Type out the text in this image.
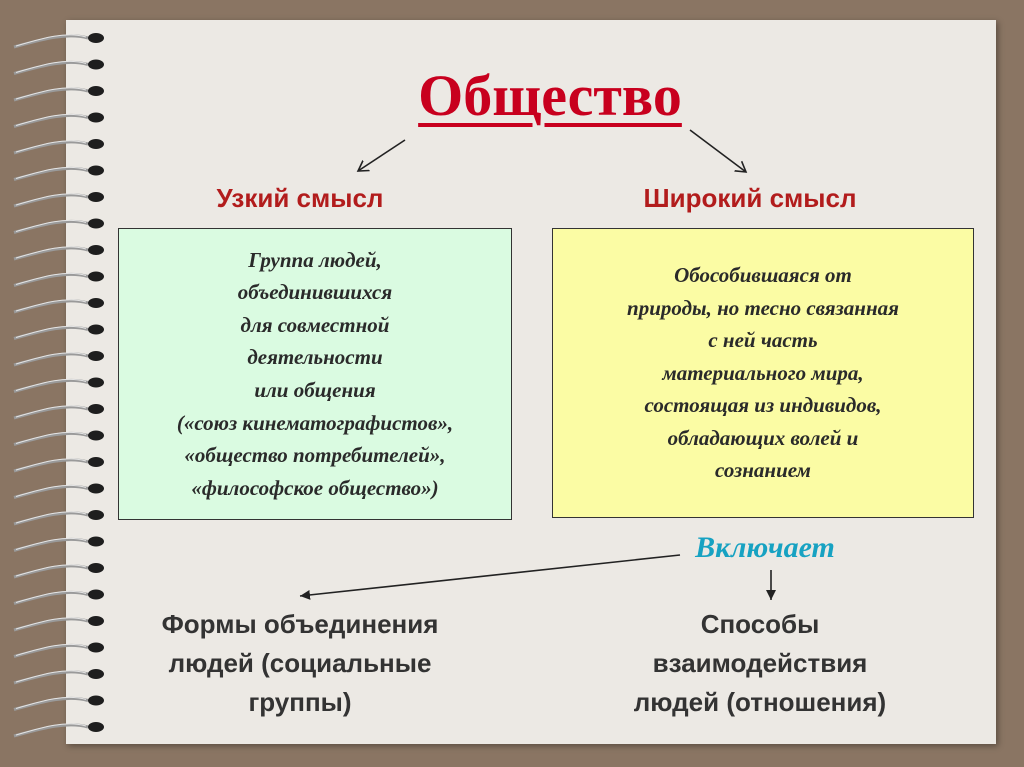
Общество
Узкий смысл	Широкий смысл
Группа людей,
объединившихся
для совместной
деятельности
или общения
(«союз кинематографистов»,
«общество потребителей»,
«философское общество»)
Обособившаяся от
природы, но тесно связанная
с ней часть
материального мира,
состоящая из индивидов,
обладающих волей и
сознанием
Включает
Формы объединения
людей (социальные
группы)
Способы
взаимодействия
людей (отношения)
